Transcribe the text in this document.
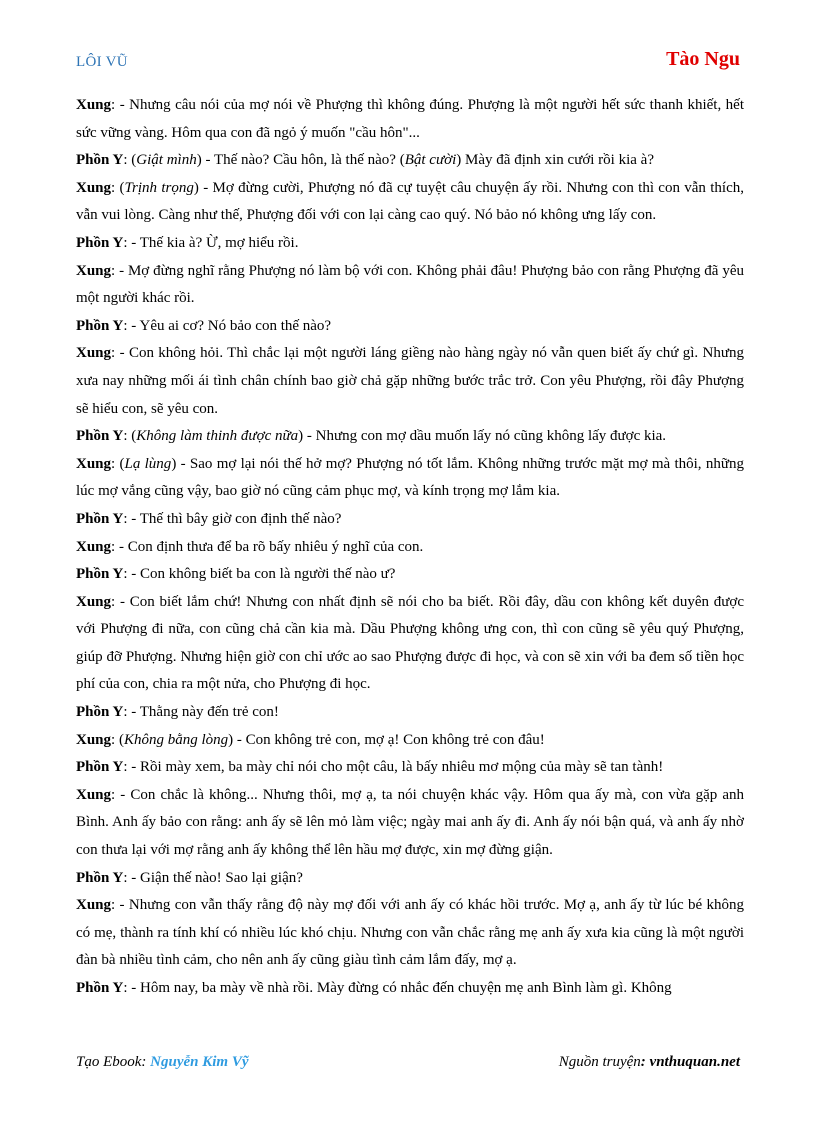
LÔI VŨ	Tào Ngu

Xung: - Nhưng câu nói của mợ nói về Phượng thì không đúng. Phượng là một người hết sức thanh khiết, hết sức vững vàng. Hôm qua con đã ngỏ ý muốn "cầu hôn"...

Phồn Y: (Giật mình) - Thế nào? Cầu hôn, là thế nào? (Bật cười) Mày đã định xin cưới rồi kia à?

Xung: (Trịnh trọng) - Mợ đừng cười, Phượng nó đã cự tuyệt câu chuyện ấy rồi. Nhưng con thì con vẫn thích, vẫn vui lòng. Càng như thế, Phượng đối với con lại càng cao quý. Nó bảo nó không ưng lấy con.

Phồn Y: - Thế kia à? Ừ, mợ hiểu rồi.

Xung: - Mợ đừng nghĩ rằng Phượng nó làm bộ với con. Không phải đâu! Phượng bảo con rằng Phượng đã yêu một người khác rồi.

Phồn Y: - Yêu ai cơ? Nó bảo con thế nào?

Xung: - Con không hỏi. Thì chắc lại một người láng giềng nào hàng ngày nó vẫn quen biết ấy chứ gì. Nhưng xưa nay những mối ái tình chân chính bao giờ chả gặp những bước trắc trở. Con yêu Phượng, rồi đây Phượng sẽ hiểu con, sẽ yêu con.

Phồn Y: (Không làm thinh được nữa) - Nhưng con mợ dầu muốn lấy nó cũng không lấy được kia.

Xung: (Lạ lùng) - Sao mợ lại nói thế hở mợ? Phượng nó tốt lắm. Không những trước mặt mợ mà thôi, những lúc mợ vắng cũng vậy, bao giờ nó cũng cảm phục mợ, và kính trọng mợ lắm kia.

Phồn Y: - Thế thì bây giờ con định thế nào?

Xung: - Con định thưa để ba rõ bấy nhiêu ý nghĩ của con.

Phồn Y: - Con không biết ba con là người thế nào ư?

Xung: - Con biết lắm chứ! Nhưng con nhất định sẽ nói cho ba biết. Rồi đây, dầu con không kết duyên được với Phượng đi nữa, con cũng chả cần kia mà. Dầu Phượng không ưng con, thì con cũng sẽ yêu quý Phượng, giúp đỡ Phượng. Nhưng hiện giờ con chỉ ước ao sao Phượng được đi học, và con sẽ xin với ba đem số tiền học phí của con, chia ra một nửa, cho Phượng đi học.

Phồn Y: - Thằng này đến trẻ con!

Xung: (Không bằng lòng) - Con không trẻ con, mợ ạ! Con không trẻ con đâu!

Phồn Y: - Rồi mày xem, ba mày chỉ nói cho một câu, là bấy nhiêu mơ mộng của mày sẽ tan tành!

Xung: - Con chắc là không... Nhưng thôi, mợ ạ, ta nói chuyện khác vậy. Hôm qua ấy mà, con vừa gặp anh Bình. Anh ấy bảo con rằng: anh ấy sẽ lên mỏ làm việc; ngày mai anh ấy đi. Anh ấy nói bận quá, và anh ấy nhờ con thưa lại với mợ rằng anh ấy không thể lên hầu mợ được, xin mợ đừng giận.

Phồn Y: - Giận thế nào! Sao lại giận?

Xung: - Nhưng con vẫn thấy rằng độ này mợ đối với anh ấy có khác hồi trước. Mợ ạ, anh ấy từ lúc bé không có mẹ, thành ra tính khí có nhiều lúc khó chịu. Nhưng con vẫn chắc rằng mẹ anh ấy xưa kia cũng là một người đàn bà nhiều tình cảm, cho nên anh ấy cũng giàu tình cảm lắm đấy, mợ ạ.

Phồn Y: - Hôm nay, ba mày về nhà rồi. Mày đừng có nhắc đến chuyện mẹ anh Bình làm gì. Không

Tạo Ebook: Nguyễn Kim Vỹ	Nguồn truyện: vnthuquan.net
